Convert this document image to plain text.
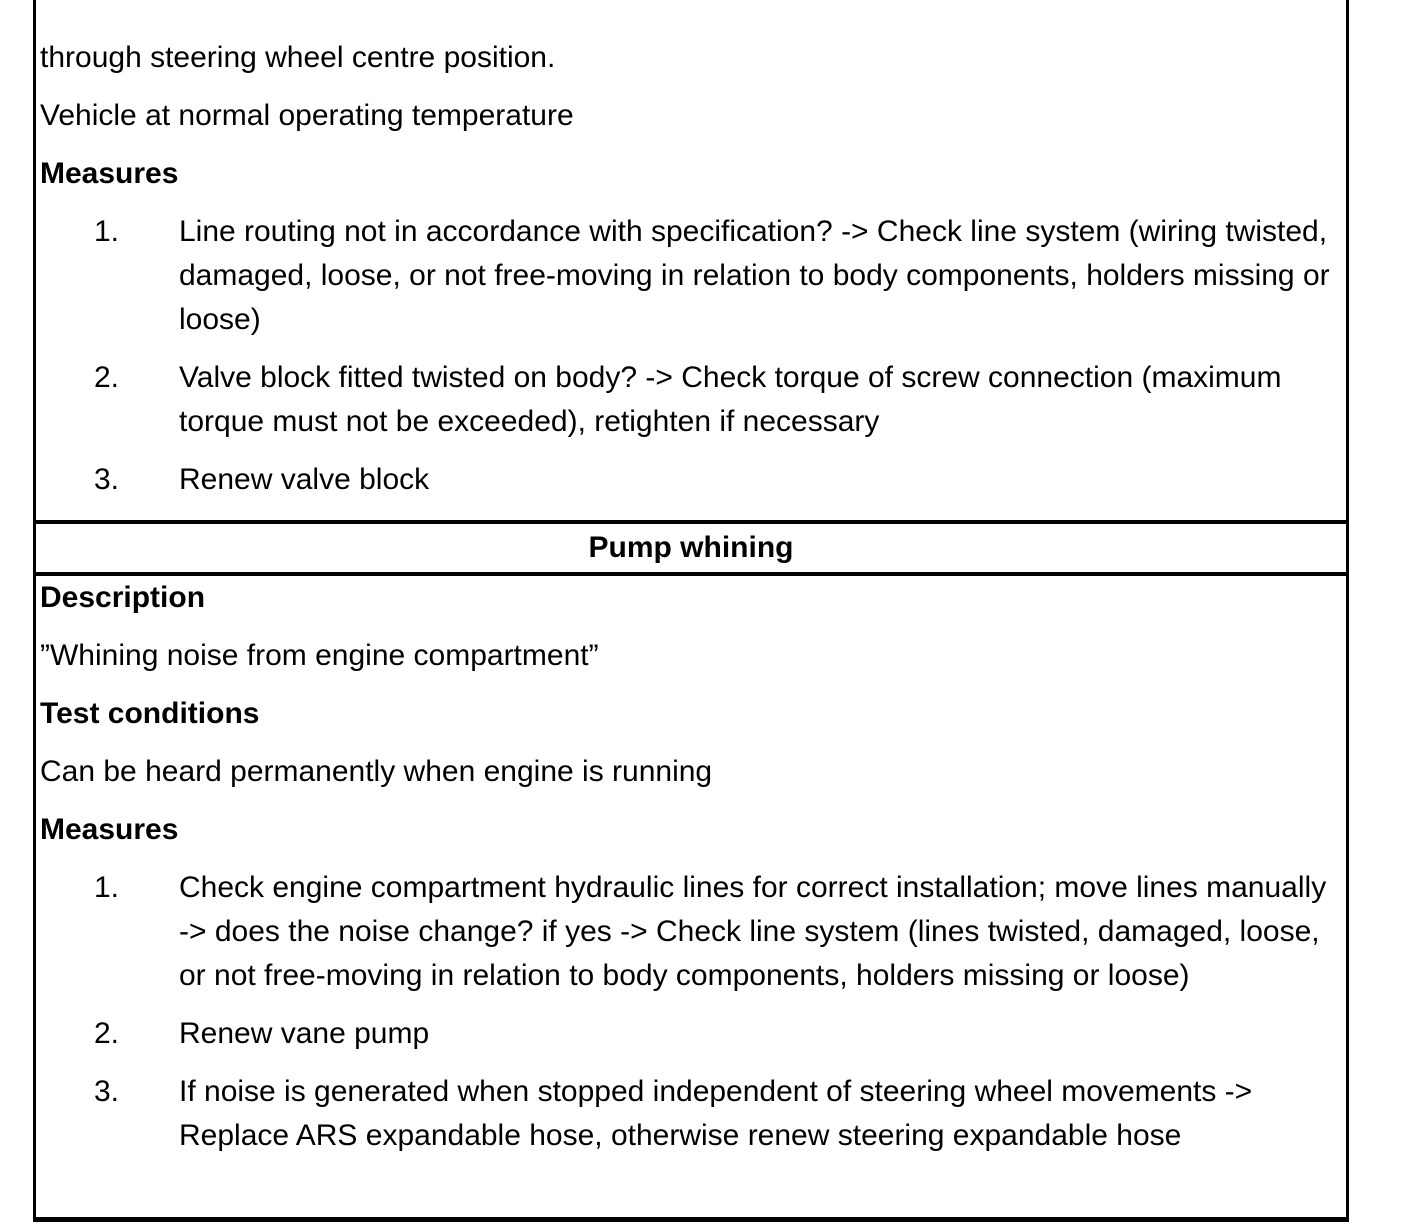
through steering wheel centre position.

Vehicle at normal operating temperature

Measures

1.	Line routing not in accordance with specification? -> Check line system (wiring twisted, damaged, loose, or not free-moving in relation to body components, holders missing or loose)
2.	Valve block fitted twisted on body? -> Check torque of screw connection (maximum torque must not be exceeded), retighten if necessary
3.	Renew valve block
Pump whining

Description

”Whining noise from engine compartment”

Test conditions

Can be heard permanently when engine is running

Measures

1.	Check engine compartment hydraulic lines for correct installation; move lines manually -> does the noise change? if yes -> Check line system (lines twisted, damaged, loose, or not free-moving in relation to body components, holders missing or loose)
2.	Renew vane pump
3.	If noise is generated when stopped independent of steering wheel movements -> Replace ARS expandable hose, otherwise renew steering expandable hose
